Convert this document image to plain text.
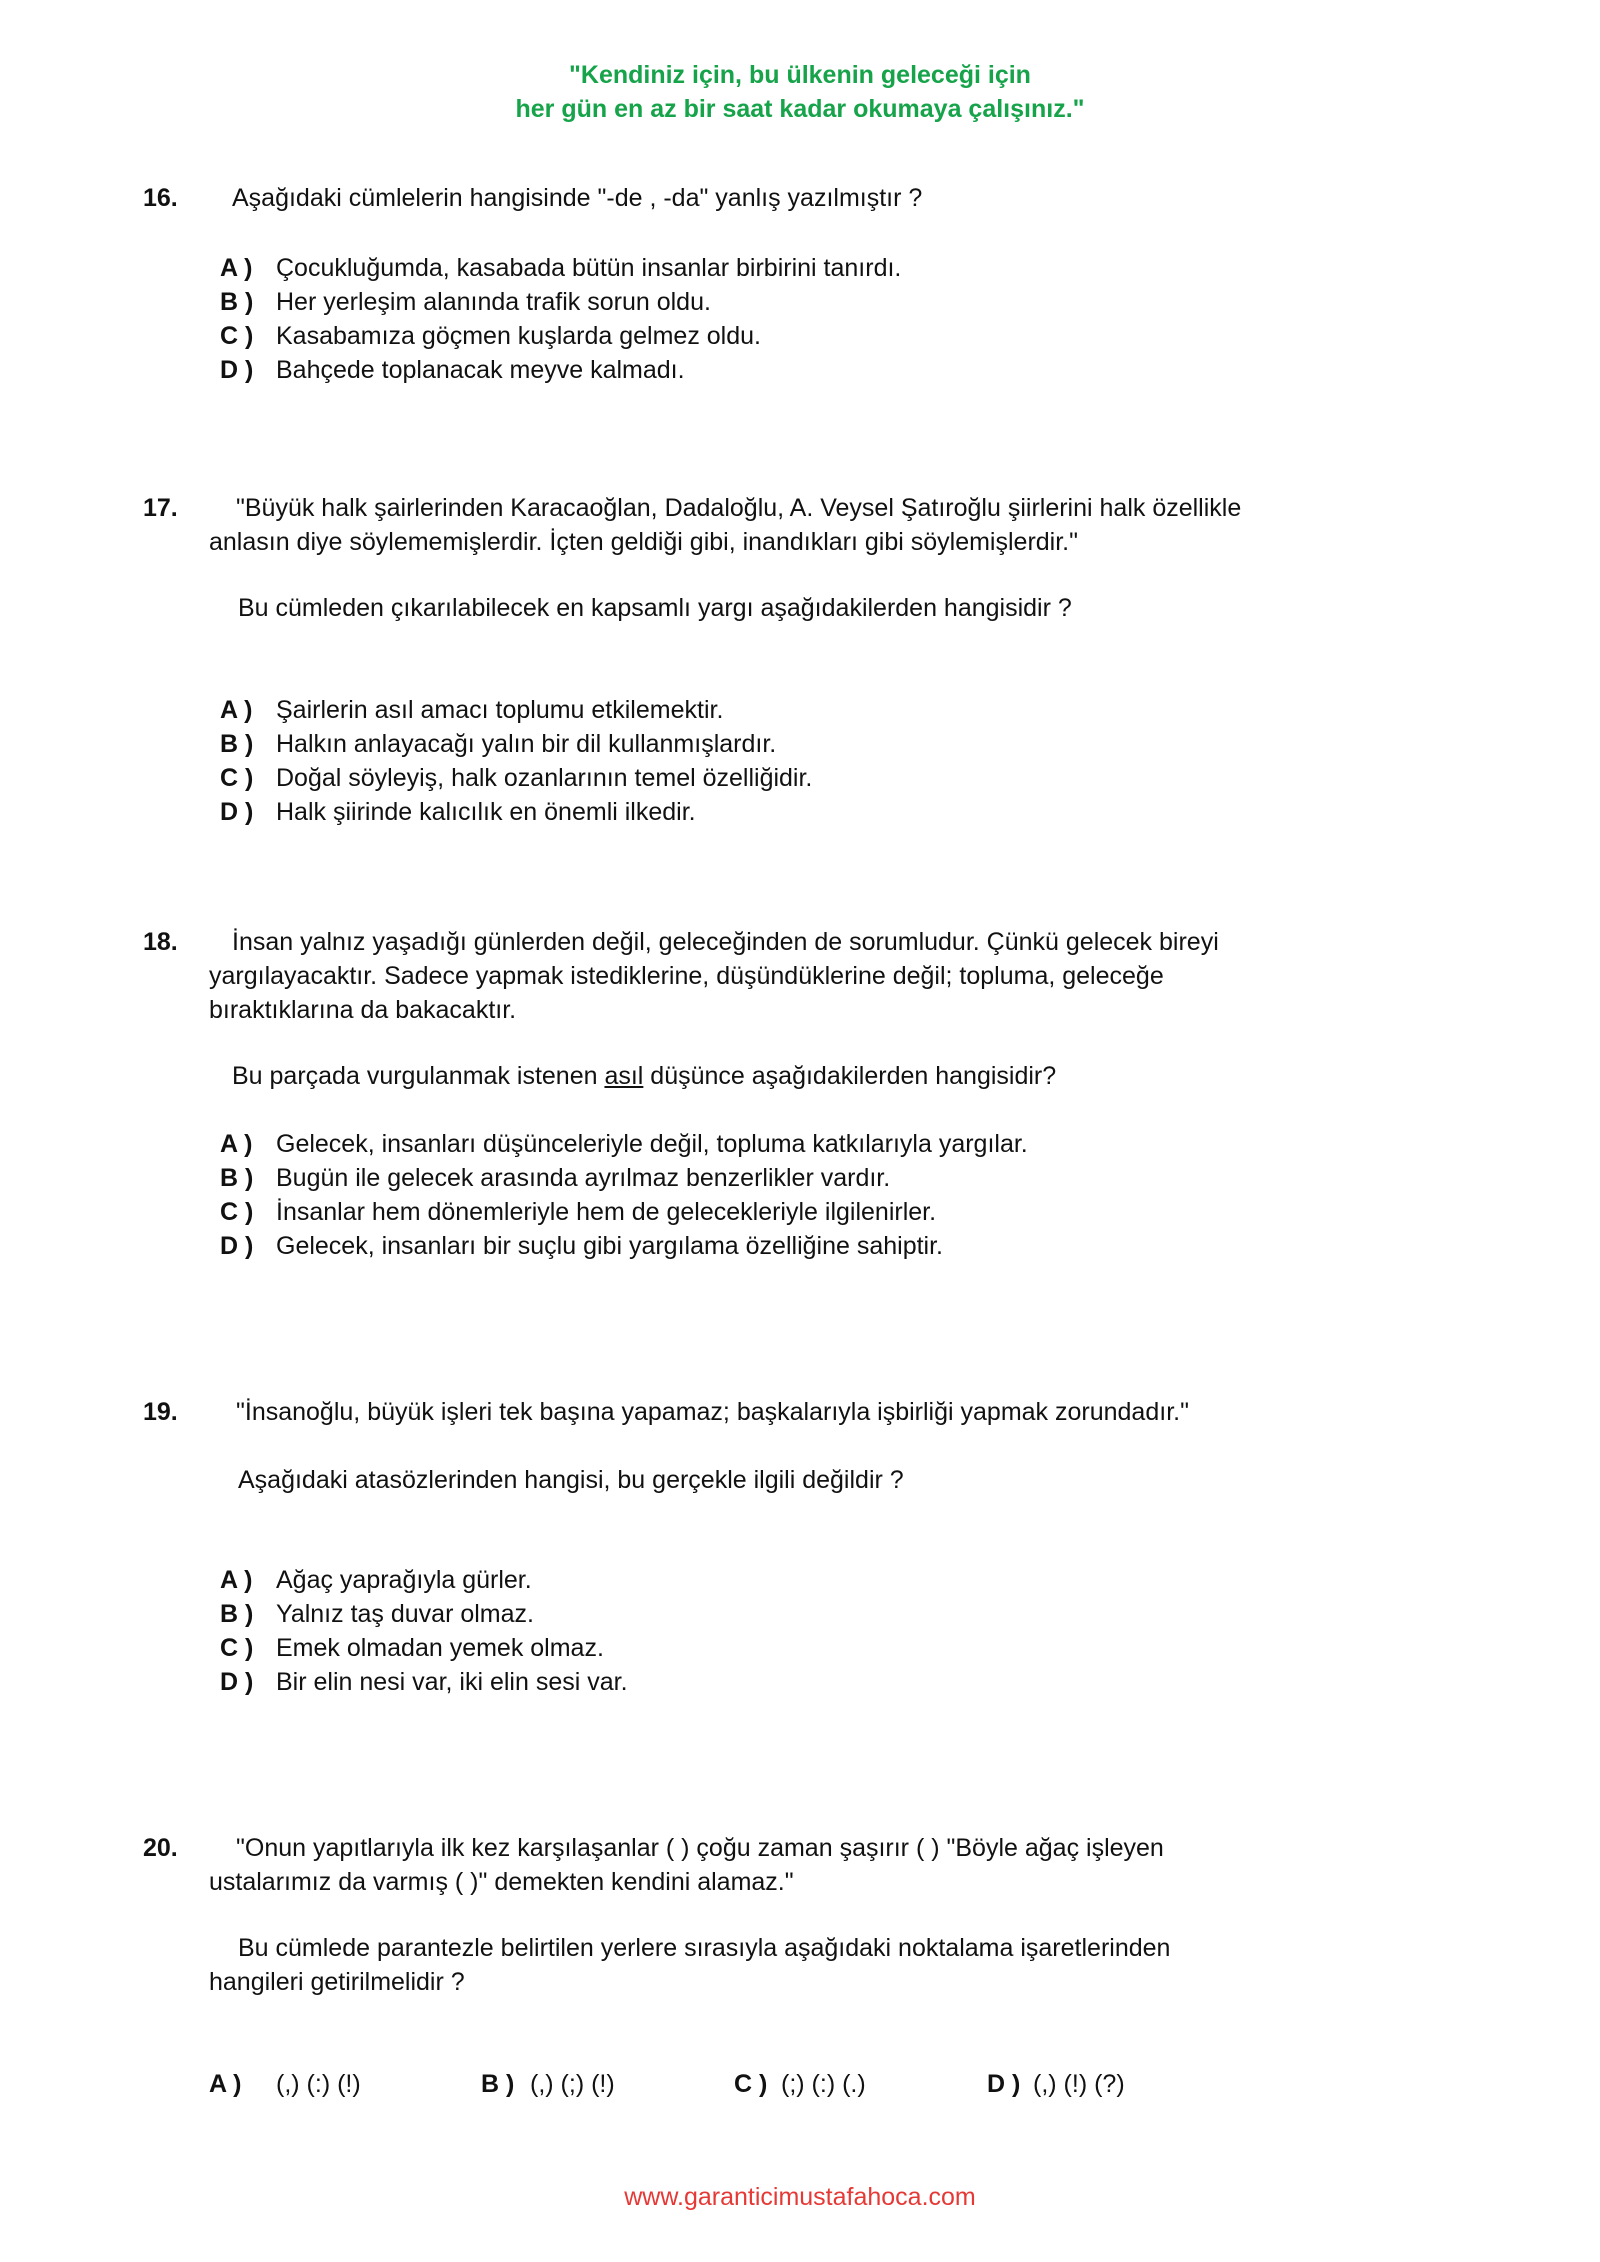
"Kendiniz için, bu ülkenin geleceği için
her gün en az bir saat kadar okumaya çalışınız."
16. Aşağıdaki cümlelerin hangisinde "-de , -da" yanlış yazılmıştır ?
A ) Çocukluğumda, kasabada bütün insanlar birbirini tanırdı.
B ) Her yerleşim alanında trafik sorun oldu.
C ) Kasabamıza göçmen kuşlarda gelmez oldu.
D ) Bahçede toplanacak meyve kalmadı.
17. "Büyük halk şairlerinden Karacaoğlan, Dadaloğlu, A. Veysel Şatıroğlu şiirlerini halk özellikle
anlasın diye söylememişlerdir. İçten geldiği gibi, inandıkları gibi söylemişlerdir."
Bu cümleden çıkarılabilecek en kapsamlı yargı aşağıdakilerden hangisidir ?
A ) Şairlerin asıl amacı toplumu etkilemektir.
B ) Halkın anlayacağı yalın bir dil kullanmışlardır.
C ) Doğal söyleyiş, halk ozanlarının temel özelliğidir.
D ) Halk şiirinde kalıcılık en önemli ilkedir.
18. İnsan yalnız yaşadığı günlerden değil, geleceğinden de sorumludur. Çünkü gelecek bireyi
yargılayacaktır. Sadece yapmak istediklerine, düşündüklerine değil; topluma, geleceğe
bıraktıklarına da bakacaktır.
Bu parçada vurgulanmak istenen asıl düşünce aşağıdakilerden hangisidir?
A ) Gelecek, insanları düşünceleriyle değil, topluma katkılarıyla yargılar.
B ) Bugün ile gelecek arasında ayrılmaz benzerlikler vardır.
C ) İnsanlar hem dönemleriyle hem de gelecekleriyle ilgilenirler.
D ) Gelecek, insanları bir suçlu gibi yargılama özelliğine sahiptir.
19. "İnsanoğlu, büyük işleri tek başına yapamaz; başkalarıyla işbirliği yapmak zorundadır."
Aşağıdaki atasözlerinden hangisi, bu gerçekle ilgili değildir ?
A ) Ağaç yaprağıyla gürler.
B ) Yalnız taş duvar olmaz.
C ) Emek olmadan yemek olmaz.
D ) Bir elin nesi var, iki elin sesi var.
20. "Onun yapıtlarıyla ilk kez karşılaşanlar ( ) çoğu zaman şaşırır ( ) "Böyle ağaç işleyen
ustalarımız da varmış ( )" demekten kendini alamaz."
Bu cümlede parantezle belirtilen yerlere sırasıyla aşağıdaki noktalama işaretlerinden
hangileri getirilmelidir ?
A ) (,) (:) (!)	B ) (,) (;) (!)	C ) (;) (:) (.)	D ) (,) (!) (?)
www.garanticimustafahoca.com
